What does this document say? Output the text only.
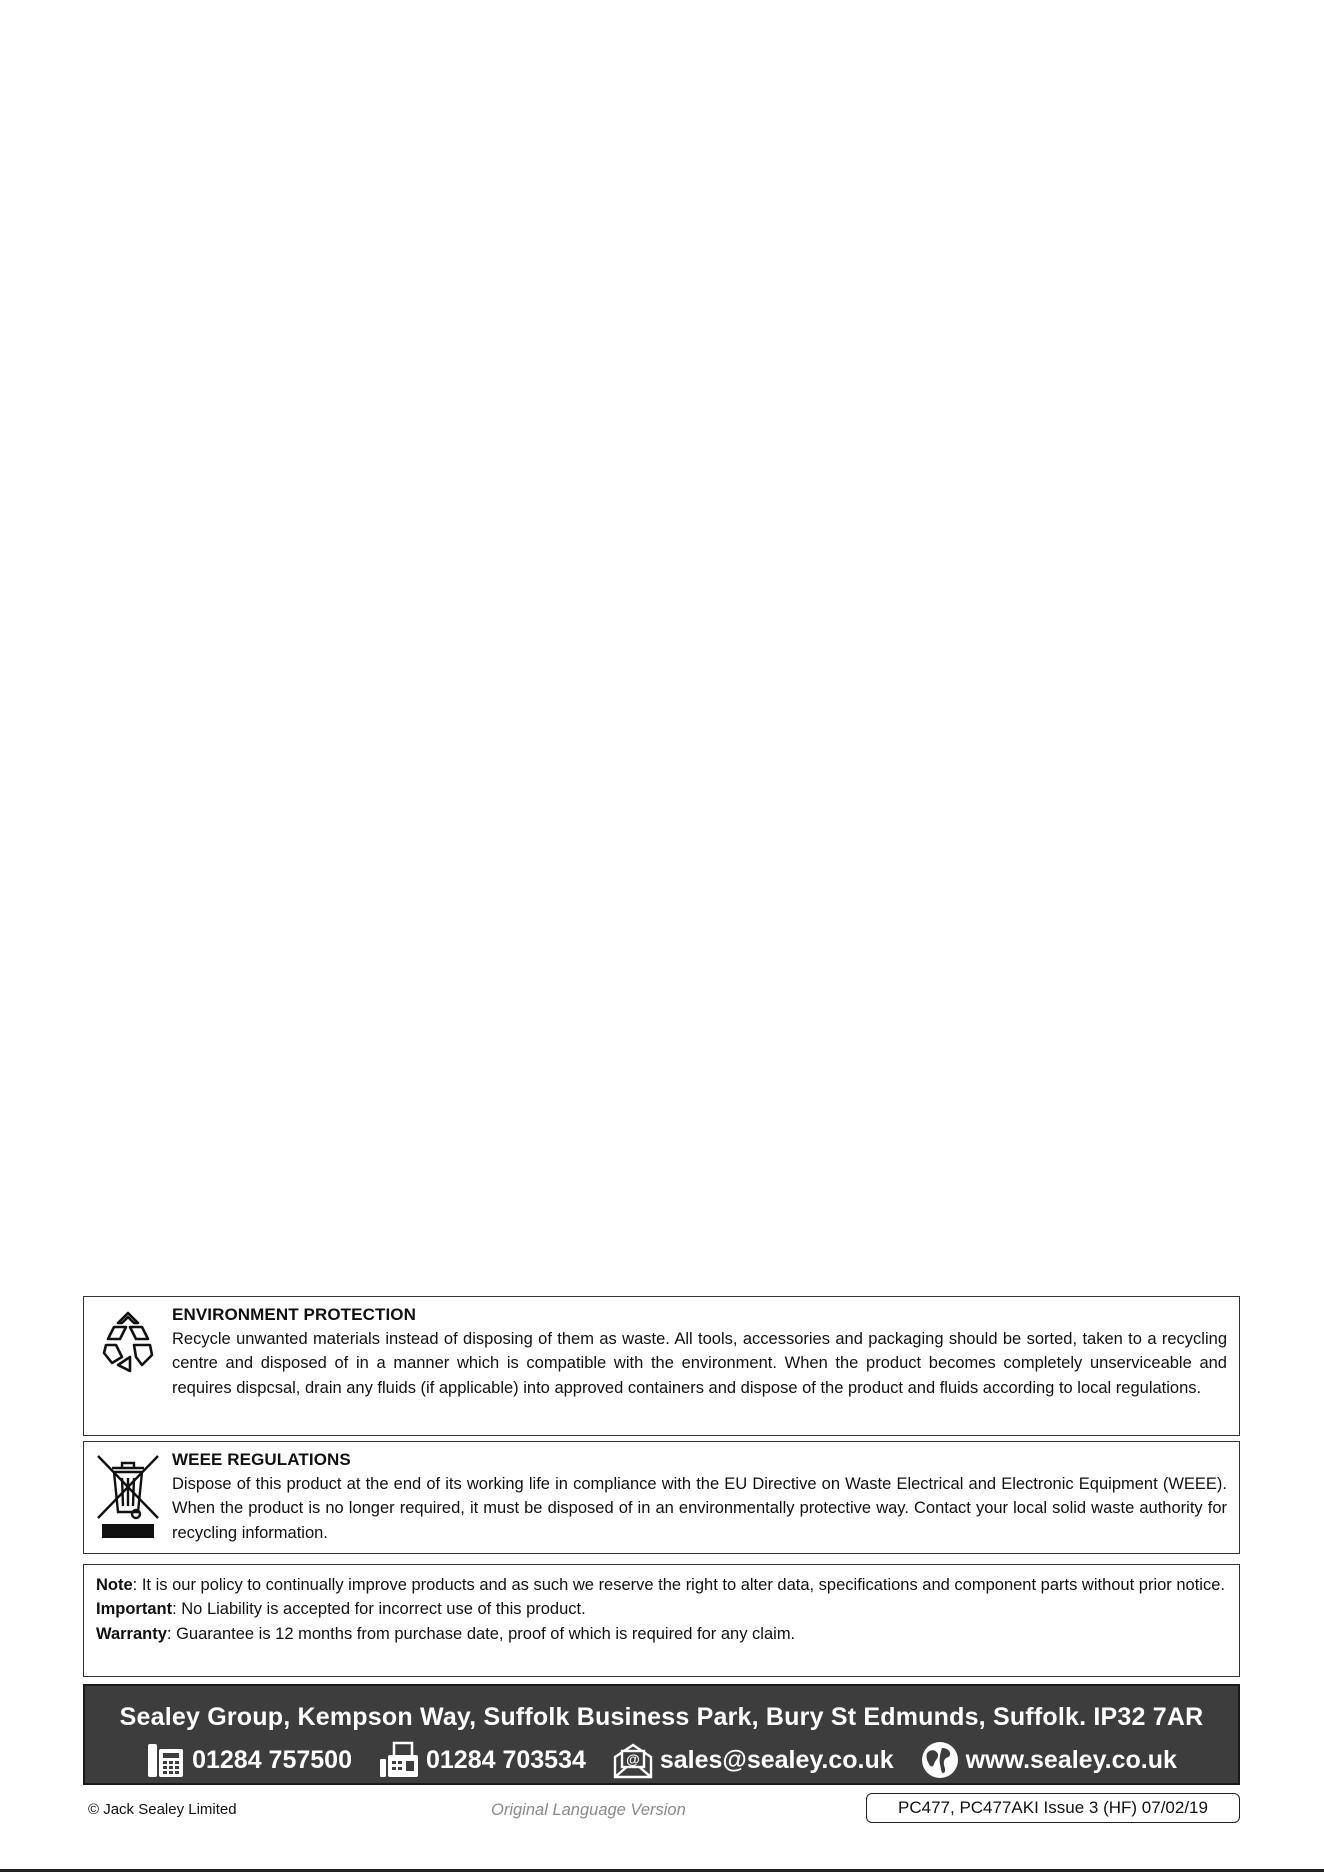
ENVIRONMENT PROTECTION

Recycle unwanted materials instead of disposing of them as waste. All tools, accessories and packaging should be sorted, taken to a recycling centre and disposed of in a manner which is compatible with the environment. When the product becomes completely unserviceable and requires dispcsal, drain any fluids (if applicable) into approved containers and dispose of the product and fluids according to local regulations.

WEEE REGULATIONS

Dispose of this product at the end of its working life in compliance with the EU Directive on Waste Electrical and Electronic Equipment (WEEE). When the product is no longer required, it must be disposed of in an environmentally protective way. Contact your local solid waste authority for recycling information.

Note: It is our policy to continually improve products and as such we reserve the right to alter data, specifications and component parts without prior notice.

Important: No Liability is accepted for incorrect use of this product.

Warranty: Guarantee is 12 months from purchase date, proof of which is required for any claim.

Sealey Group, Kempson Way, Suffolk Business Park, Bury St Edmunds, Suffolk. IP32 7AR
01284 757500	01284 703534	@ sales@sealey.co.uk	www.sealey.co.uk
© Jack Sealey Limited	Original Language Version	PC477, PC477AKI Issue 3 (HF) 07/02/19
